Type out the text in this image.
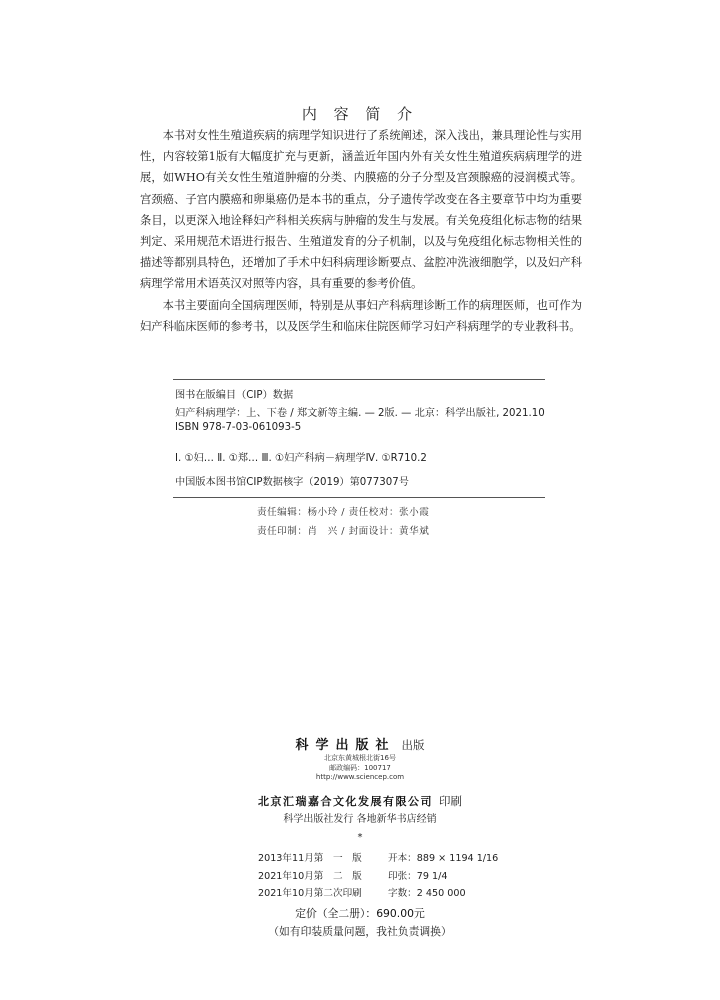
内 容 简 介

本书对女性生殖道疾病的病理学知识进行了系统阐述，深入浅出，兼具理论性与实用性，内容较第1版有大幅度扩充与更新，涵盖近年国内外有关女性生殖道疾病病理学的进展，如WHO有关女性生殖道肿瘤的分类、内膜癌的分子分型及宫颈腺癌的浸润模式等。宫颈癌、子宫内膜癌和卵巢癌仍是本书的重点，分子遗传学改变在各主要章节中均为重要条目，以更深入地诠释妇产科相关疾病与肿瘤的发生与发展。有关免疫组化标志物的结果判定、采用规范术语进行报告、生殖道发育的分子机制，以及与免疫组化标志物相关性的描述等都别具特色，还增加了手术中妇科病理诊断要点、盆腔冲洗液细胞学，以及妇产科病理学常用术语英汉对照等内容，具有重要的参考价值。

本书主要面向全国病理医师，特别是从事妇产科病理诊断工作的病理医师，也可作为妇产科临床医师的参考书，以及医学生和临床住院医师学习妇产科病理学的专业教科书。

图书在版编目（CIP）数据
妇产科病理学：上、下卷 / 郑文新等主编. — 2版. — 北京：科学出版社, 2021.10
ISBN 978-7-03-061093-5
Ⅰ. ①妇… Ⅱ. ①郑… Ⅲ. ①妇产科病－病理学Ⅳ. ①R710.2
中国版本图书馆CIP数据核字（2019）第077307号
责任编辑：杨小玲 / 责任校对：张小霞
责任印制：肖　兴 / 封面设计：黄华斌
科学出版社 出版
北京东黄城根北街16号
邮政编码：100717
http://www.sciencep.com
北京汇瑞嘉合文化发展有限公司 印刷
科学出版社发行 各地新华书店经销
*
2013年11月第　一　版	开本：889 × 1194 1/16
2021年10月第　二　版	印张：79 1/4
2021年10月第二次印刷	字数：2 450 000
定价（全二册）：690.00元
（如有印装质量问题，我社负责调换）
